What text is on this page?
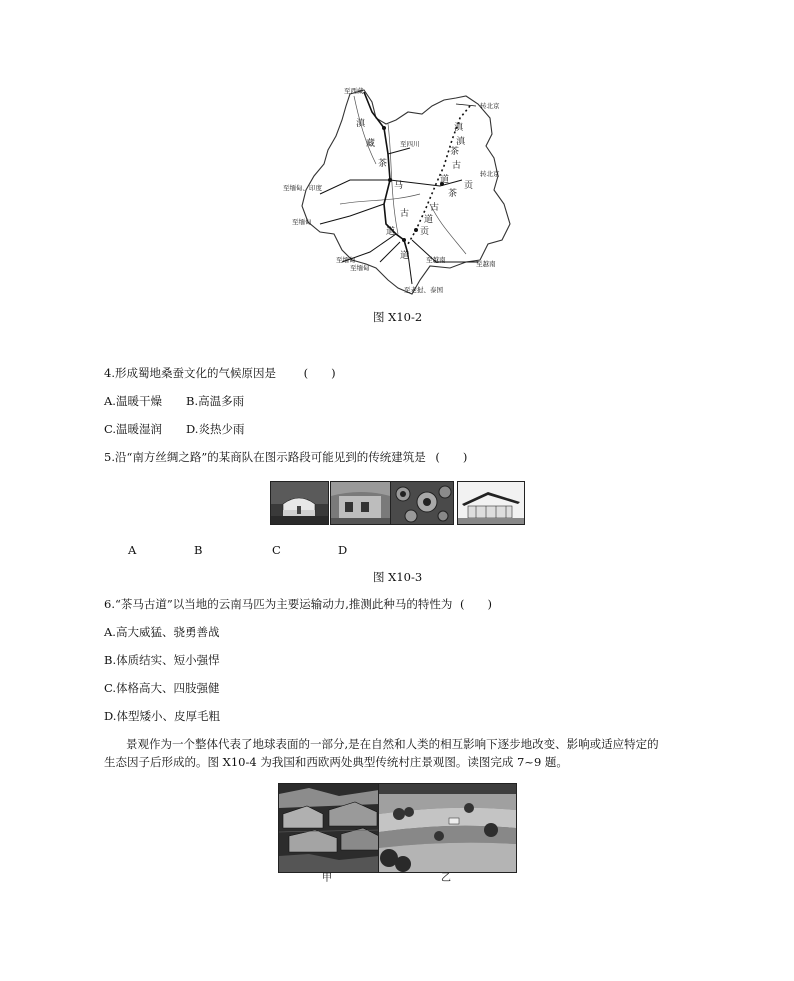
至西藏
转北京
至四川
转北京
至缅甸、印度
至缅甸
至缅甸
至缅甸
至越南	至越南
至老挝、泰国
滇
藏
茶
马
古
道
滇
滇
茶
古
道
贡
茶
古
道
贡
道
图 X10-2
4.形成蜀地桑蚕文化的气候原因是 (　　)
A.温暖干燥 B.高温多雨
C.温暖湿润 D.炎热少雨
5.沿“南方丝绸之路”的某商队在图示路段可能见到的传统建筑是 (　　)
A	B	C	D
图 X10-3
6.“茶马古道”以当地的云南马匹为主要运输动力,推测此种马的特性为 (　　)
A.高大威猛、骁勇善战
B.体质结实、短小强悍
C.体格高大、四肢强健
D.体型矮小、皮厚毛粗
景观作为一个整体代表了地球表面的一部分,是在自然和人类的相互影响下逐步地改变、影响或适应特定的
生态因子后形成的。图 X10-4 为我国和西欧两处典型传统村庄景观图。读图完成 7~9 题。
甲	乙
